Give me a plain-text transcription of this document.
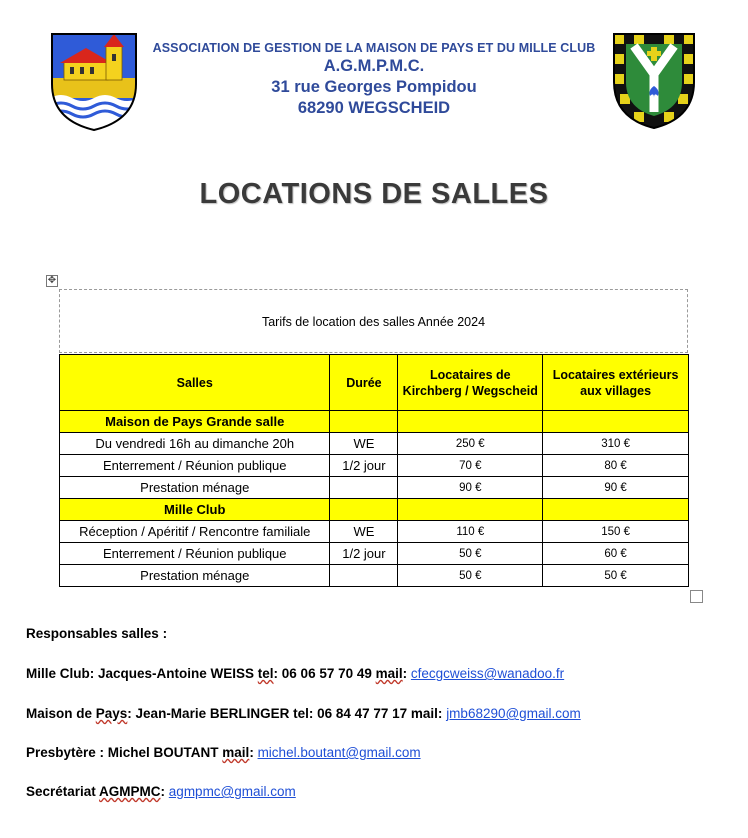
ASSOCIATION DE GESTION DE LA MAISON DE PAYS ET DU MILLE CLUB
A.G.M.P.M.C.
31 rue Georges Pompidou
68290 WEGSCHEID
LOCATIONS DE SALLES
✥
Tarifs de location des salles Année 2024
Salles	Durée	Locataires de Kirchberg / Wegscheid	Locataires extérieurs aux villages
Maison de Pays Grande salle			
Du vendredi 16h au dimanche 20h	WE	250 €	310 €
Enterrement / Réunion publique	1/2 jour	70 €	80 €
Prestation ménage		90 €	90 €
Mille Club			
Réception / Apéritif / Rencontre familiale	WE	110 €	150 €
Enterrement / Réunion publique	1/2 jour	50 €	60 €
Prestation ménage		50 €	50 €

Responsables salles :

Mille Club: Jacques-Antoine WEISS tel: 06 06 57 70 49 mail: cfecgcweiss@wanadoo.fr

Maison de Pays: Jean-Marie BERLINGER tel: 06 84 47 77 17 mail: jmb68290@gmail.com

Presbytère : Michel BOUTANT mail: michel.boutant@gmail.com

Secrétariat AGMPMC: agmpmc@gmail.com
